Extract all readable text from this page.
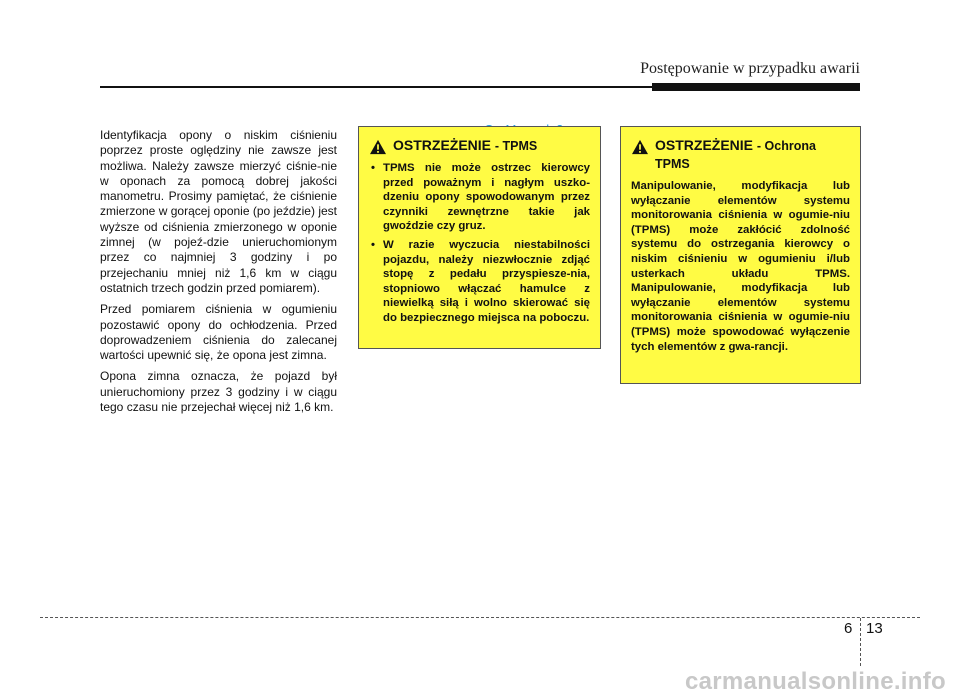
Postępowanie w przypadku awarii

Identyfikacja opony o niskim ciśnieniu poprzez proste oględziny nie zawsze jest możliwa. Należy zawsze mierzyć ciśnie-nie w oponach za pomocą dobrej jakości manometru. Prosimy pamiętać, że ciśnienie zmierzone w gorącej oponie (po jeździe) jest wyższe od ciśnienia zmierzonego w oponie zimnej (w pojeź-dzie unieruchomionym przez co najmniej 3 godziny i po przejechaniu mniej niż 1,6 km w ciągu ostatnich trzech godzin przed pomiarem).

Przed pomiarem ciśnienia w ogumieniu pozostawić opony do ochłodzenia. Przed doprowadzeniem ciśnienia do zalecanej wartości upewnić się, że opona jest zimna.

Opona zimna oznacza, że pojazd był unieruchomiony przez 3 godziny i w ciągu tego czasu nie przejechał więcej niż 1,6 km.

OSTRZEŻENIE - TPMS
• TPMS nie może ostrzec kierowcy przed poważnym i nagłym uszko-dzeniu opony spowodowanym przez czynniki zewnętrzne takie jak gwoździe czy gruz.
• W razie wyczucia niestabilności pojazdu, należy niezwłocznie zdjąć stopę z pedału przyspiesze-nia, stopniowo włączać hamulce z niewielką siłą i wolno skierować się do bezpiecznego miejsca na poboczu.
OSTRZEŻENIE - Ochrona TPMS

Manipulowanie, modyfikacja lub wyłączanie elementów systemu monitorowania ciśnienia w ogumie-niu (TPMS) może zakłócić zdolność systemu do ostrzegania kierowcy o niskim ciśnieniu w ogumieniu i/lub usterkach układu TPMS. Manipulowanie, modyfikacja lub wyłączanie elementów systemu monitorowania ciśnienia w ogumie-niu (TPMS) może spowodować wyłączenie tych elementów z gwa-rancji.

6 13
carmanualsonline.info
